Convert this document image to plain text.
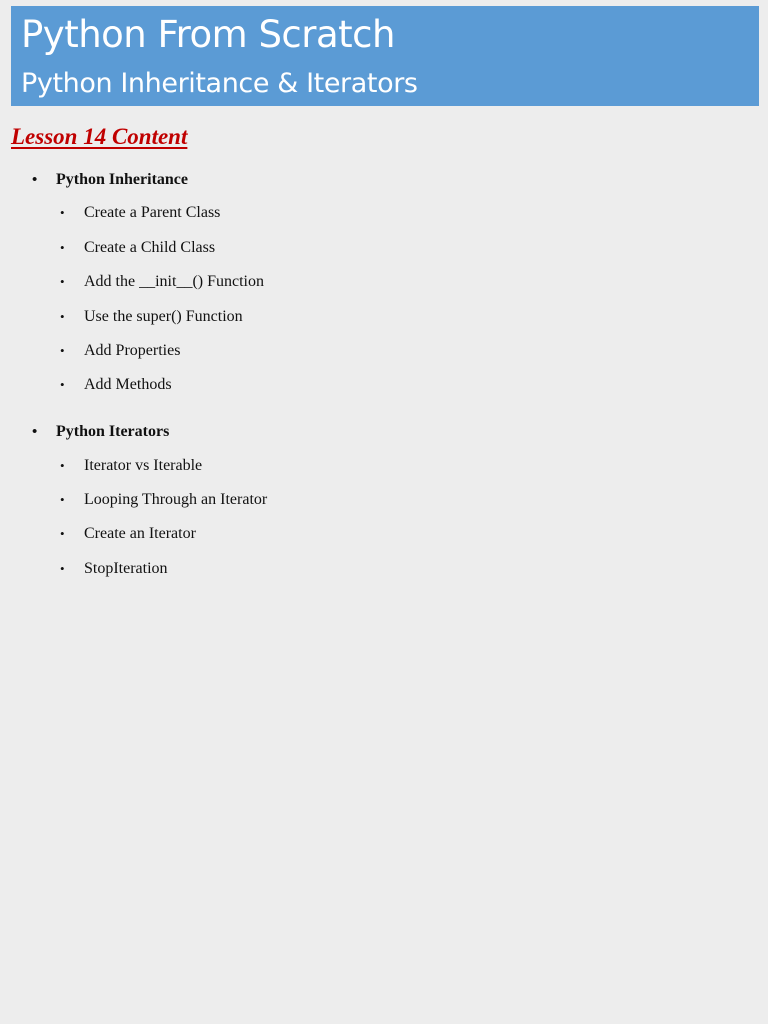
Python From Scratch
Python Inheritance & Iterators
Lesson 14 Content
• Python Inheritance
• Create a Parent Class
• Create a Child Class
• Add the __init__() Function
• Use the super() Function
• Add Properties
• Add Methods
• Python Iterators
• Iterator vs Iterable
• Looping Through an Iterator
• Create an Iterator
• StopIteration
